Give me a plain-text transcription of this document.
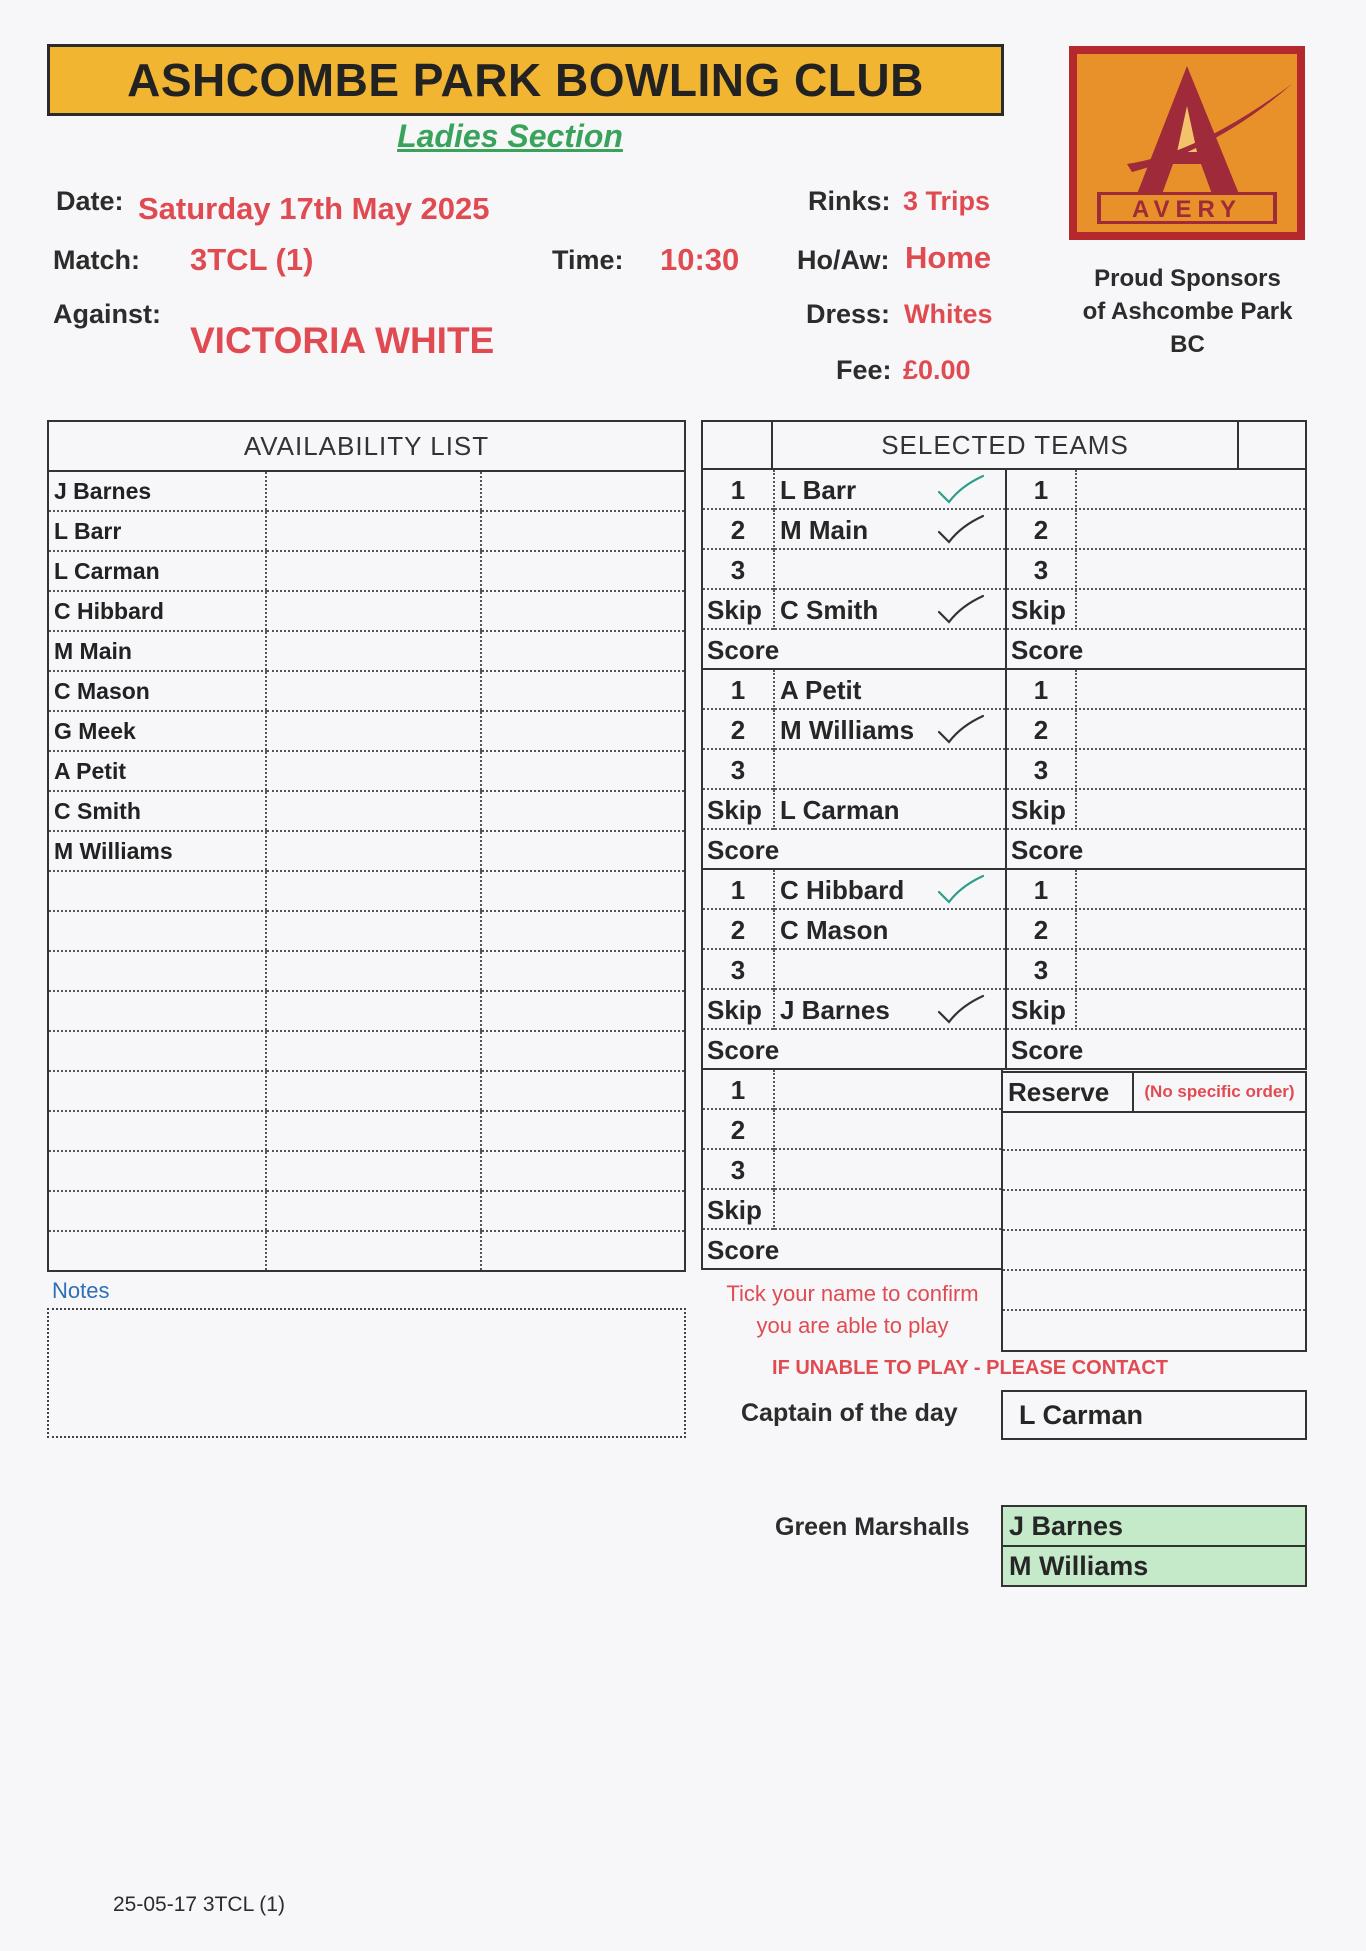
ASHCOMBE PARK BOWLING CLUB
Ladies Section
Date: Saturday 17th May 2025
Match: 3TCL (1)	Time: 10:30
Against:
VICTORIA WHITE
Rinks: 3 Trips
Ho/Aw: Home
Dress: Whites
Fee: £0.00
AVERY
Proud Sponsors
of Ashcombe Park
BC
AVAILABILITY LIST		
J Barnes		
L Barr		
L Carman		
C Hibbard		
M Main		
C Mason		
G Meek		
A Petit		
C Smith		
M Williams		

SELECTED TEAMS
1	L Barr	1
2	M Main	2
3	3
Skip C Smith	Skip
Score	Score
1	A Petit	1
2	M Williams	2
3	3
Skip L Carman	Skip
Score	Score
1	C Hibbard	1
2	C Mason	2
3	3
Skip J Barnes	Skip
Score	Score
1
2
3
Skip
Score
Reserve	(No specific order)
Notes	Tick your name to confirm
you are able to play
IF UNABLE TO PLAY - PLEASE CONTACT
Captain of the day	L Carman
Green Marshalls J Barnes
M Williams
25-05-17 3TCL (1)
